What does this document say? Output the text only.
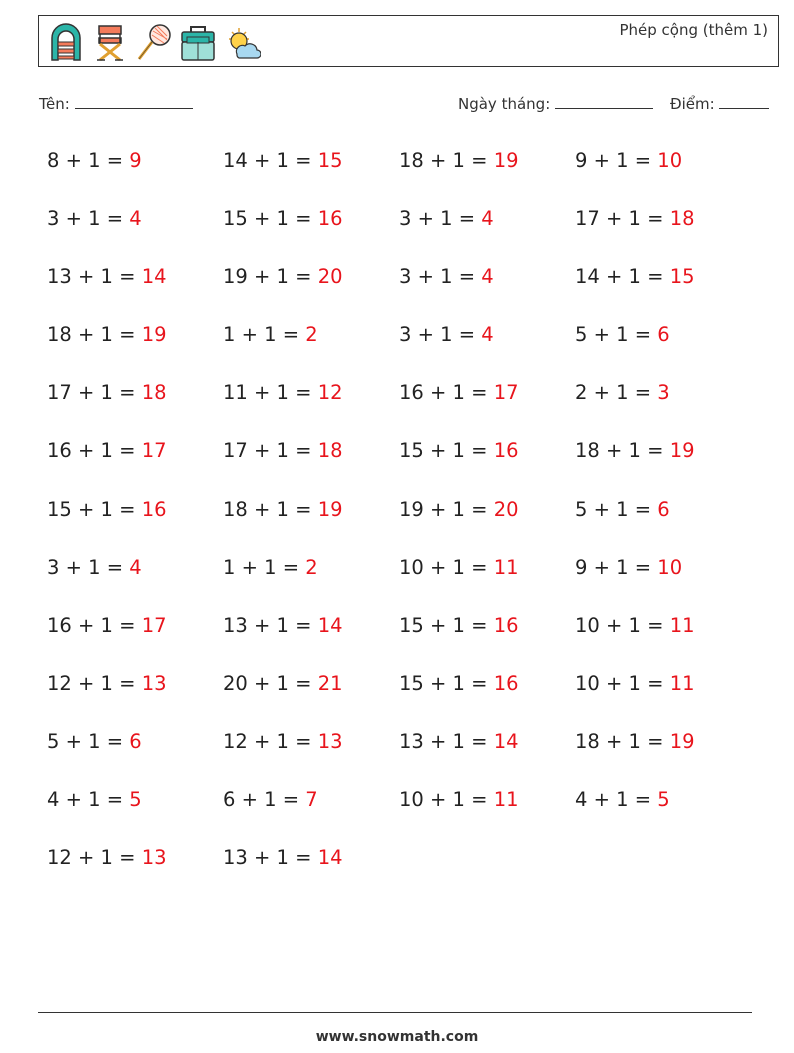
Phép cộng (thêm 1)
Tên:	Ngày tháng:	Điểm:
8 + 1 = 9	14 + 1 = 15	18 + 1 = 19	9 + 1 = 10
3 + 1 = 4	15 + 1 = 16	3 + 1 = 4	17 + 1 = 18
13 + 1 = 14	19 + 1 = 20	3 + 1 = 4	14 + 1 = 15
18 + 1 = 19	1 + 1 = 2	3 + 1 = 4	5 + 1 = 6
17 + 1 = 18	11 + 1 = 12	16 + 1 = 17	2 + 1 = 3
16 + 1 = 17	17 + 1 = 18	15 + 1 = 16	18 + 1 = 19
15 + 1 = 16	18 + 1 = 19	19 + 1 = 20	5 + 1 = 6
3 + 1 = 4	1 + 1 = 2	10 + 1 = 11	9 + 1 = 10
16 + 1 = 17	13 + 1 = 14	15 + 1 = 16	10 + 1 = 11
12 + 1 = 13	20 + 1 = 21	15 + 1 = 16	10 + 1 = 11
5 + 1 = 6	12 + 1 = 13	13 + 1 = 14	18 + 1 = 19
4 + 1 = 5	6 + 1 = 7	10 + 1 = 11	4 + 1 = 5
12 + 1 = 13	13 + 1 = 14
www.snowmath.com
